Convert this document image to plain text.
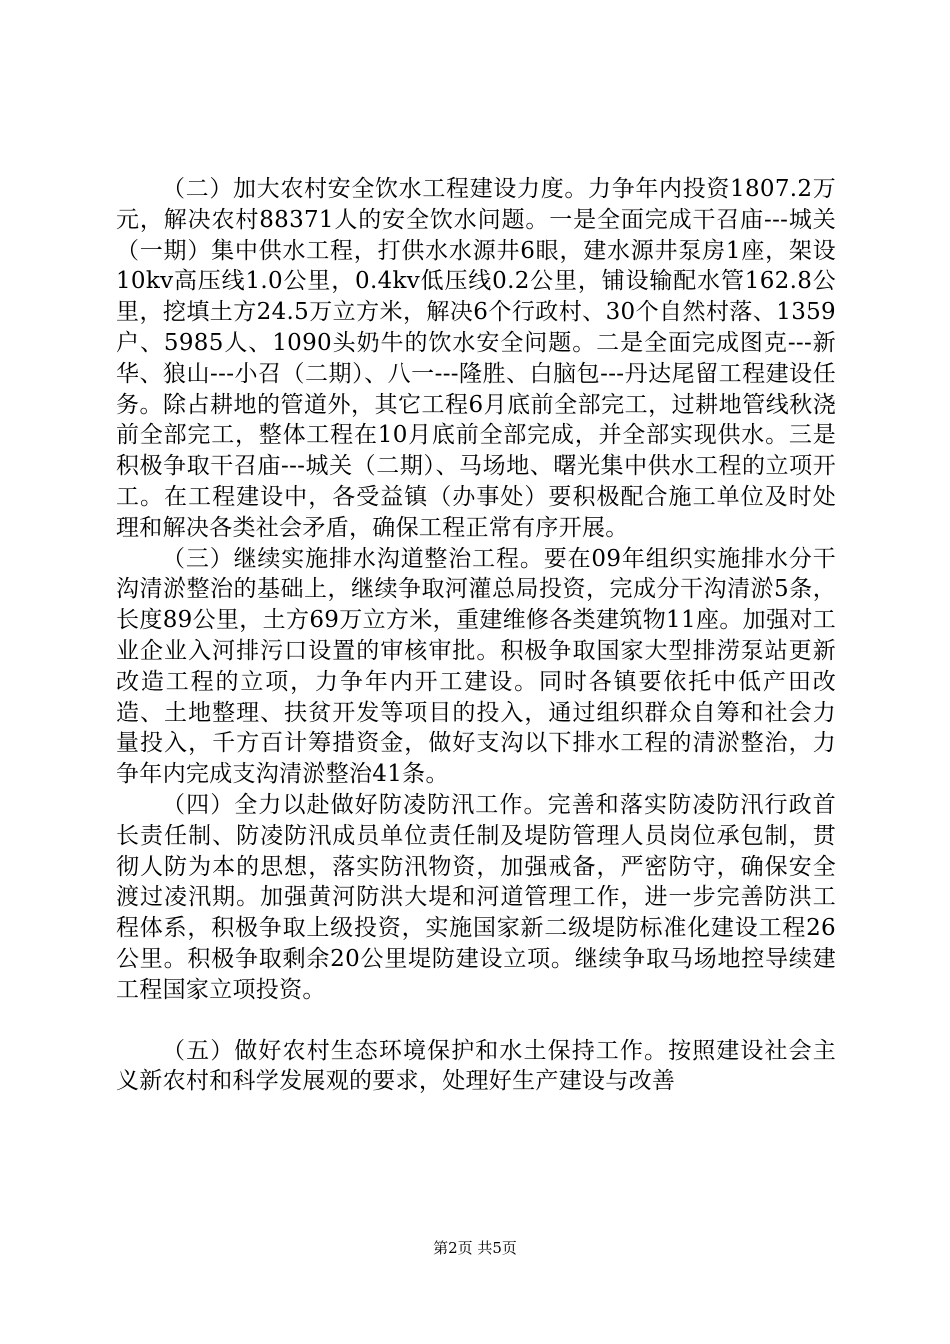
（二）加大农村安全饮水工程建设力度。力争年内投资1807.2万元，解决农村88371人的安全饮水问题。一是全面完成干召庙---城关（一期）集中供水工程，打供水水源井6眼，建水源井泵房1座，架设10kv高压线1.0公里，0.4kv低压线0.2公里，铺设输配水管162.8公里，挖填土方24.5万立方米，解决6个行政村、30个自然村落、1359户、5985人、1090头奶牛的饮水安全问题。二是全面完成图克---新华、狼山---小召（二期）、八一---隆胜、白脑包---丹达尾留工程建设任务。除占耕地的管道外，其它工程6月底前全部完工，过耕地管线秋浇前全部完工，整体工程在10月底前全部完成，并全部实现供水。三是积极争取干召庙---城关（二期）、马场地、曙光集中供水工程的立项开工。在工程建设中，各受益镇（办事处）要积极配合施工单位及时处理和解决各类社会矛盾，确保工程正常有序开展。

（三）继续实施排水沟道整治工程。要在09年组织实施排水分干沟清淤整治的基础上，继续争取河灌总局投资，完成分干沟清淤5条，长度89公里，土方69万立方米，重建维修各类建筑物11座。加强对工业企业入河排污口设置的审核审批。积极争取国家大型排涝泵站更新改造工程的立项，力争年内开工建设。同时各镇要依托中低产田改造、土地整理、扶贫开发等项目的投入，通过组织群众自筹和社会力量投入，千方百计筹措资金，做好支沟以下排水工程的清淤整治，力争年内完成支沟清淤整治41条。

（四）全力以赴做好防凌防汛工作。完善和落实防凌防汛行政首长责任制、防凌防汛成员单位责任制及堤防管理人员岗位承包制，贯彻人防为本的思想，落实防汛物资，加强戒备，严密防守，确保安全渡过凌汛期。加强黄河防洪大堤和河道管理工作，进一步完善防洪工程体系，积极争取上级投资，实施国家新二级堤防标准化建设工程26公里。积极争取剩余20公里堤防建设立项。继续争取马场地控导续建工程国家立项投资。

（五）做好农村生态环境保护和水土保持工作。按照建设社会主义新农村和科学发展观的要求，处理好生产建设与改善

第2页 共5页
